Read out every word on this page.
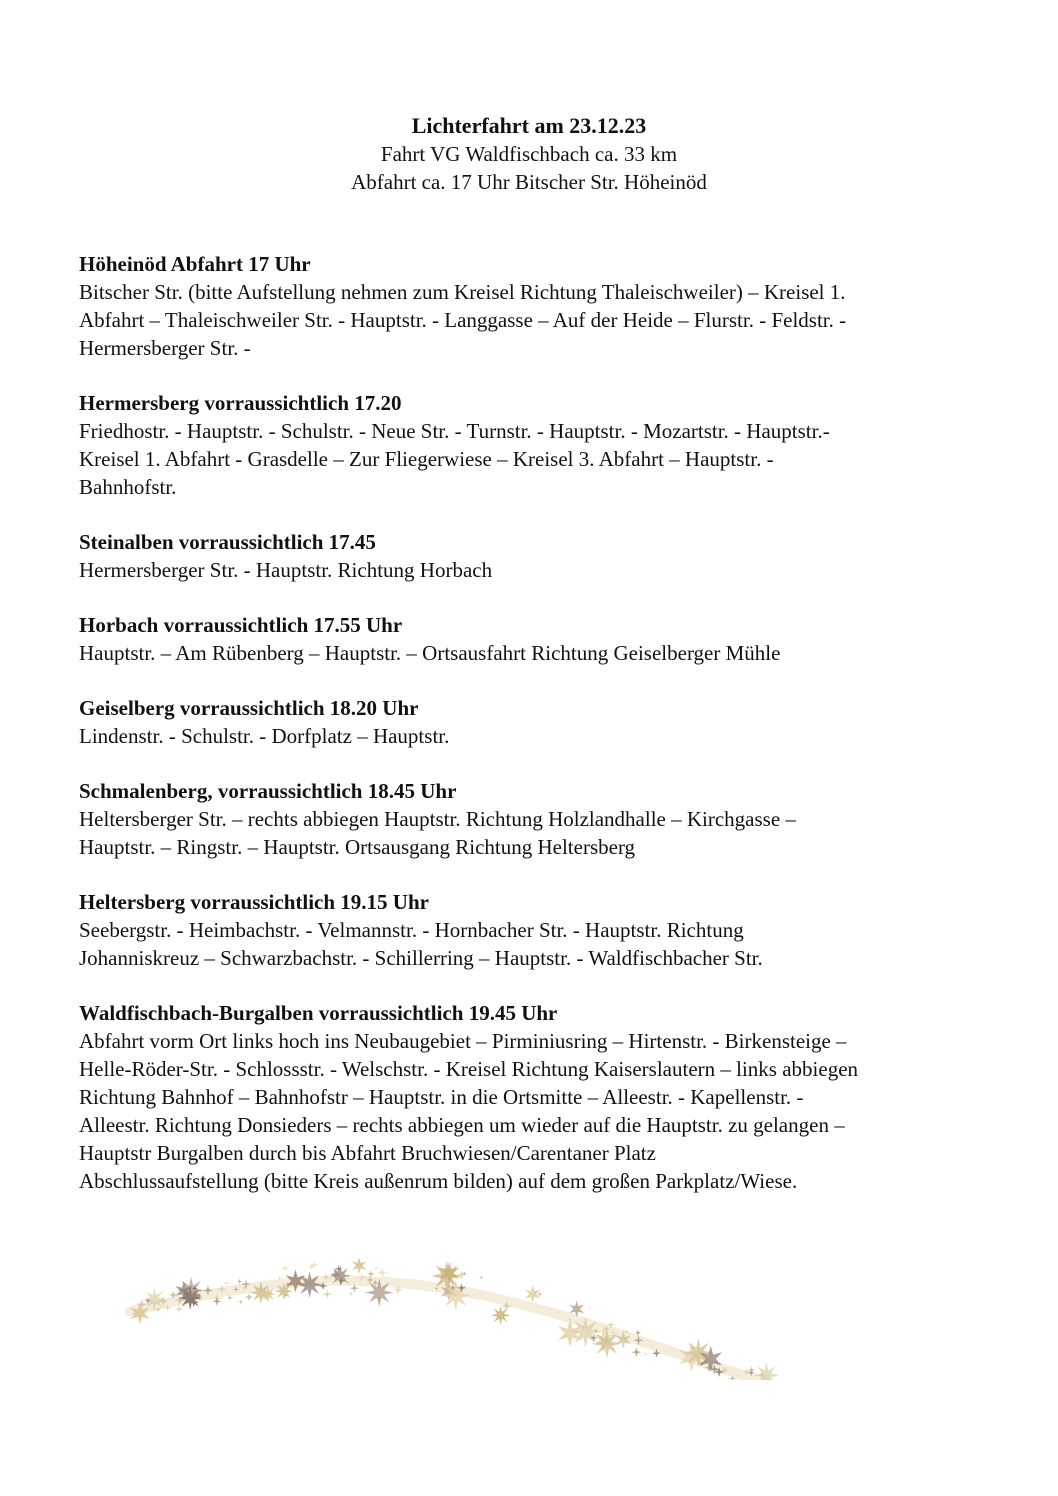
Lichterfahrt am 23.12.23
Fahrt VG Waldfischbach ca. 33 km
Abfahrt ca. 17 Uhr Bitscher Str. Höheinöd
Höheinöd Abfahrt 17 Uhr
Bitscher Str. (bitte Aufstellung nehmen zum Kreisel Richtung Thaleischweiler) – Kreisel 1.
Abfahrt – Thaleischweiler Str. - Hauptstr. - Langgasse – Auf der Heide – Flurstr. - Feldstr. -
Hermersberger Str. -
Hermersberg vorraussichtlich 17.20
Friedhostr. - Hauptstr. - Schulstr. - Neue Str. - Turnstr. - Hauptstr. - Mozartstr. - Hauptstr.-
Kreisel 1. Abfahrt - Grasdelle – Zur Fliegerwiese – Kreisel 3. Abfahrt – Hauptstr. -
Bahnhofstr.
Steinalben vorraussichtlich 17.45
Hermersberger Str. - Hauptstr. Richtung Horbach
Horbach vorraussichtlich 17.55 Uhr
Hauptstr. – Am Rübenberg – Hauptstr. – Ortsausfahrt Richtung Geiselberger Mühle
Geiselberg vorraussichtlich 18.20 Uhr
Lindenstr. - Schulstr. - Dorfplatz – Hauptstr.
Schmalenberg, vorraussichtlich 18.45 Uhr
Heltersberger Str. – rechts abbiegen Hauptstr. Richtung Holzlandhalle – Kirchgasse –
Hauptstr. – Ringstr. – Hauptstr. Ortsausgang Richtung Heltersberg
Heltersberg vorraussichtlich 19.15 Uhr
Seebergstr. - Heimbachstr. - Velmannstr. - Hornbacher Str. - Hauptstr. Richtung
Johanniskreuz – Schwarzbachstr. - Schillerring – Hauptstr. - Waldfischbacher Str.
Waldfischbach-Burgalben vorraussichtlich 19.45 Uhr
Abfahrt vorm Ort links hoch ins Neubaugebiet – Pirminiusring – Hirtenstr. - Birkensteige –
Helle-Röder-Str. - Schlossstr. - Welschstr. - Kreisel Richtung Kaiserslautern – links abbiegen
Richtung Bahnhof – Bahnhofstr – Hauptstr. in die Ortsmitte – Alleestr. - Kapellenstr. -
Alleestr. Richtung Donsieders – rechts abbiegen um wieder auf die Hauptstr. zu gelangen –
Hauptstr Burgalben durch bis Abfahrt Bruchwiesen/Carentaner Platz
Abschlussaufstellung (bitte Kreis außenrum bilden) auf dem großen Parkplatz/Wiese.
